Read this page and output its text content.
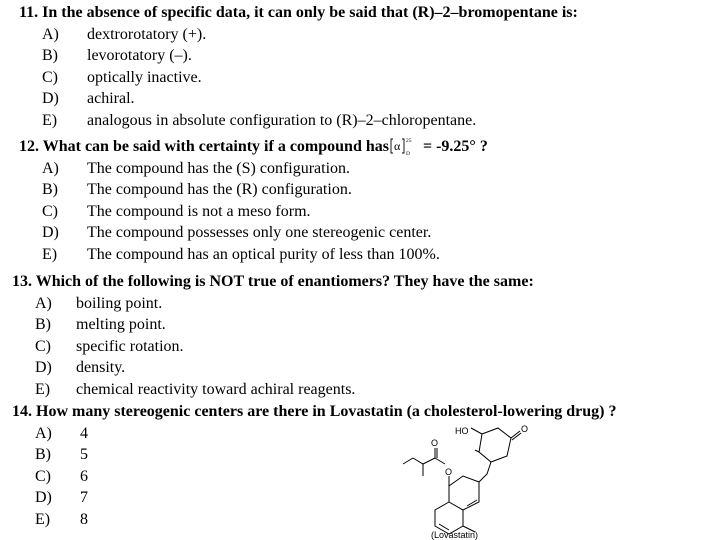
11. In the absence of specific data, it can only be said that (R)–2–bromopentane is:
A) dextrorotatory (+).
B) levorotatory (–).
C) optically inactive.
D) achiral.
E) analogous in absolute configuration to (R)–2–chloropentane.
12. What can be said with certainty if a compound has α 25
D = -9.25° ?
A) The compound has the (S) configuration.
B) The compound has the (R) configuration.
C) The compound is not a meso form.
D) The compound possesses only one stereogenic center.
E) The compound has an optical purity of less than 100%.
13. Which of the following is NOT true of enantiomers? They have the same:
A) boiling point.
B) melting point.
C) specific rotation.
D) density.
E) chemical reactivity toward achiral reagents.
14. How many stereogenic centers are there in Lovastatin (a cholesterol-lowering drug) ?
A) 4
B) 5
C) 6
D) 7
E) 8
HO	O
O
O
(Lovastatin)
